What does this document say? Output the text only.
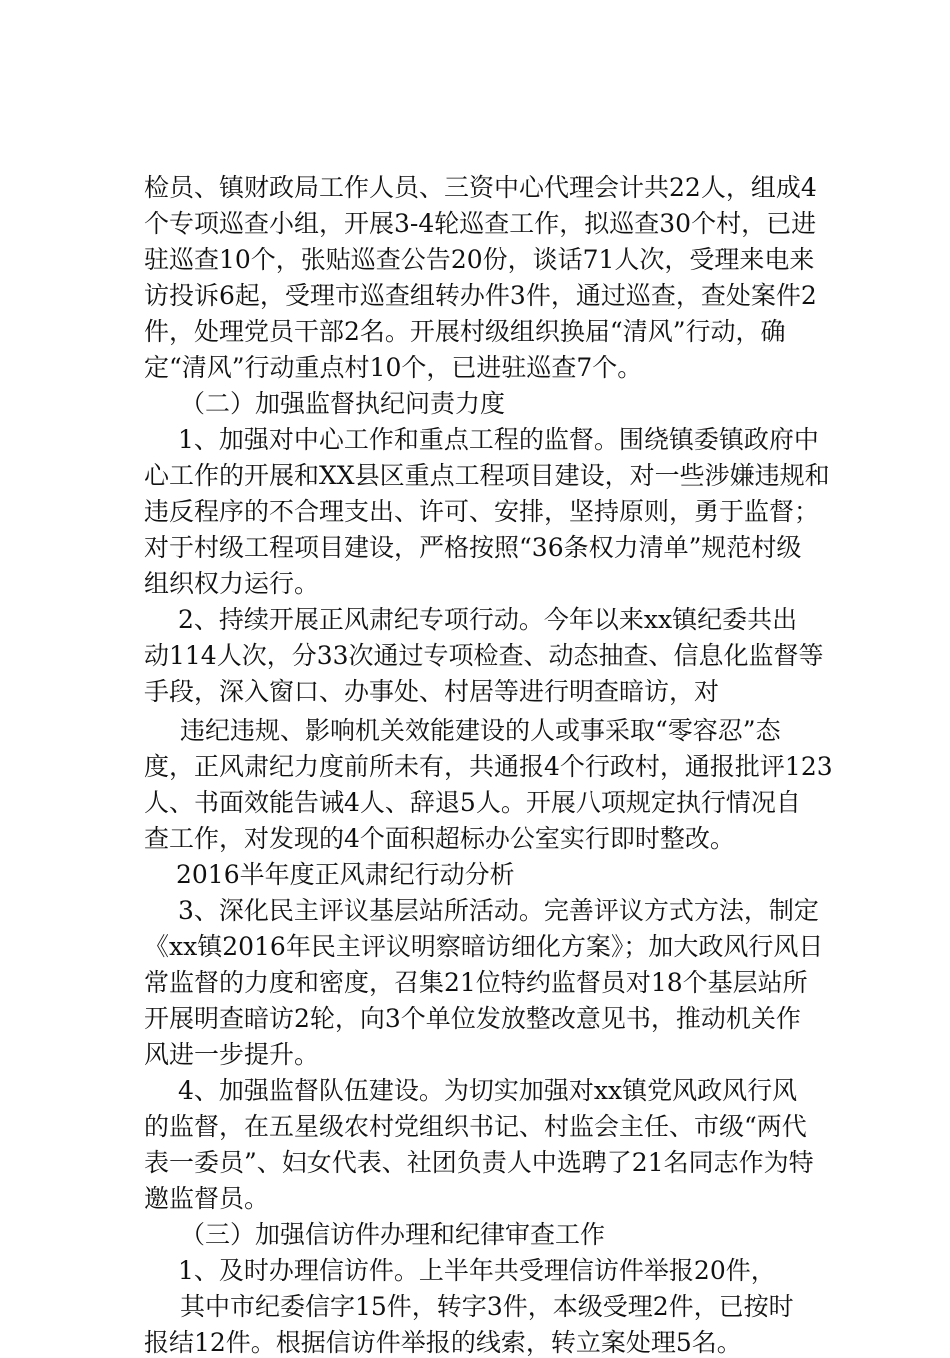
检员、镇财政局工作人员、三资中心代理会计共22人，组成4
个专项巡查小组，开展3-4轮巡查工作，拟巡查30个村，已进
驻巡查10个，张贴巡查公告20份，谈话71人次，受理来电来
访投诉6起，受理市巡查组转办件3件，通过巡查，查处案件2
件，处理党员干部2名。开展村级组织换届“清风”行动，确
定“清风”行动重点村10个，已进驻巡查7个。
（二）加强监督执纪问责力度
1、加强对中心工作和重点工程的监督。围绕镇委镇政府中
心工作的开展和XX县区重点工程项目建设，对一些涉嫌违规和
违反程序的不合理支出、许可、安排，坚持原则，勇于监督；
对于村级工程项目建设，严格按照“36条权力清单”规范村级
组织权力运行。
2、持续开展正风肃纪专项行动。今年以来xx镇纪委共出
动114人次，分33次通过专项检查、动态抽查、信息化监督等
手段，深入窗口、办事处、村居等进行明查暗访，对
违纪违规、影响机关效能建设的人或事采取“零容忍”态
度，正风肃纪力度前所未有，共通报4个行政村，通报批评123
人、书面效能告诫4人、辞退5人。开展八项规定执行情况自
查工作，对发现的4个面积超标办公室实行即时整改。
2016半年度正风肃纪行动分析
3、深化民主评议基层站所活动。完善评议方式方法，制定
《xx镇2016年民主评议明察暗访细化方案》；加大政风行风日
常监督的力度和密度，召集21位特约监督员对18个基层站所
开展明查暗访2轮，向3个单位发放整改意见书，推动机关作
风进一步提升。
4、加强监督队伍建设。为切实加强对xx镇党风政风行风
的监督，在五星级农村党组织书记、村监会主任、市级“两代
表一委员”、妇女代表、社团负责人中选聘了21名同志作为特
邀监督员。
（三）加强信访件办理和纪律审查工作
1、及时办理信访件。上半年共受理信访件举报20件，
其中市纪委信字15件，转字3件，本级受理2件，已按时
报结12件。根据信访件举报的线索，转立案处理5名。
